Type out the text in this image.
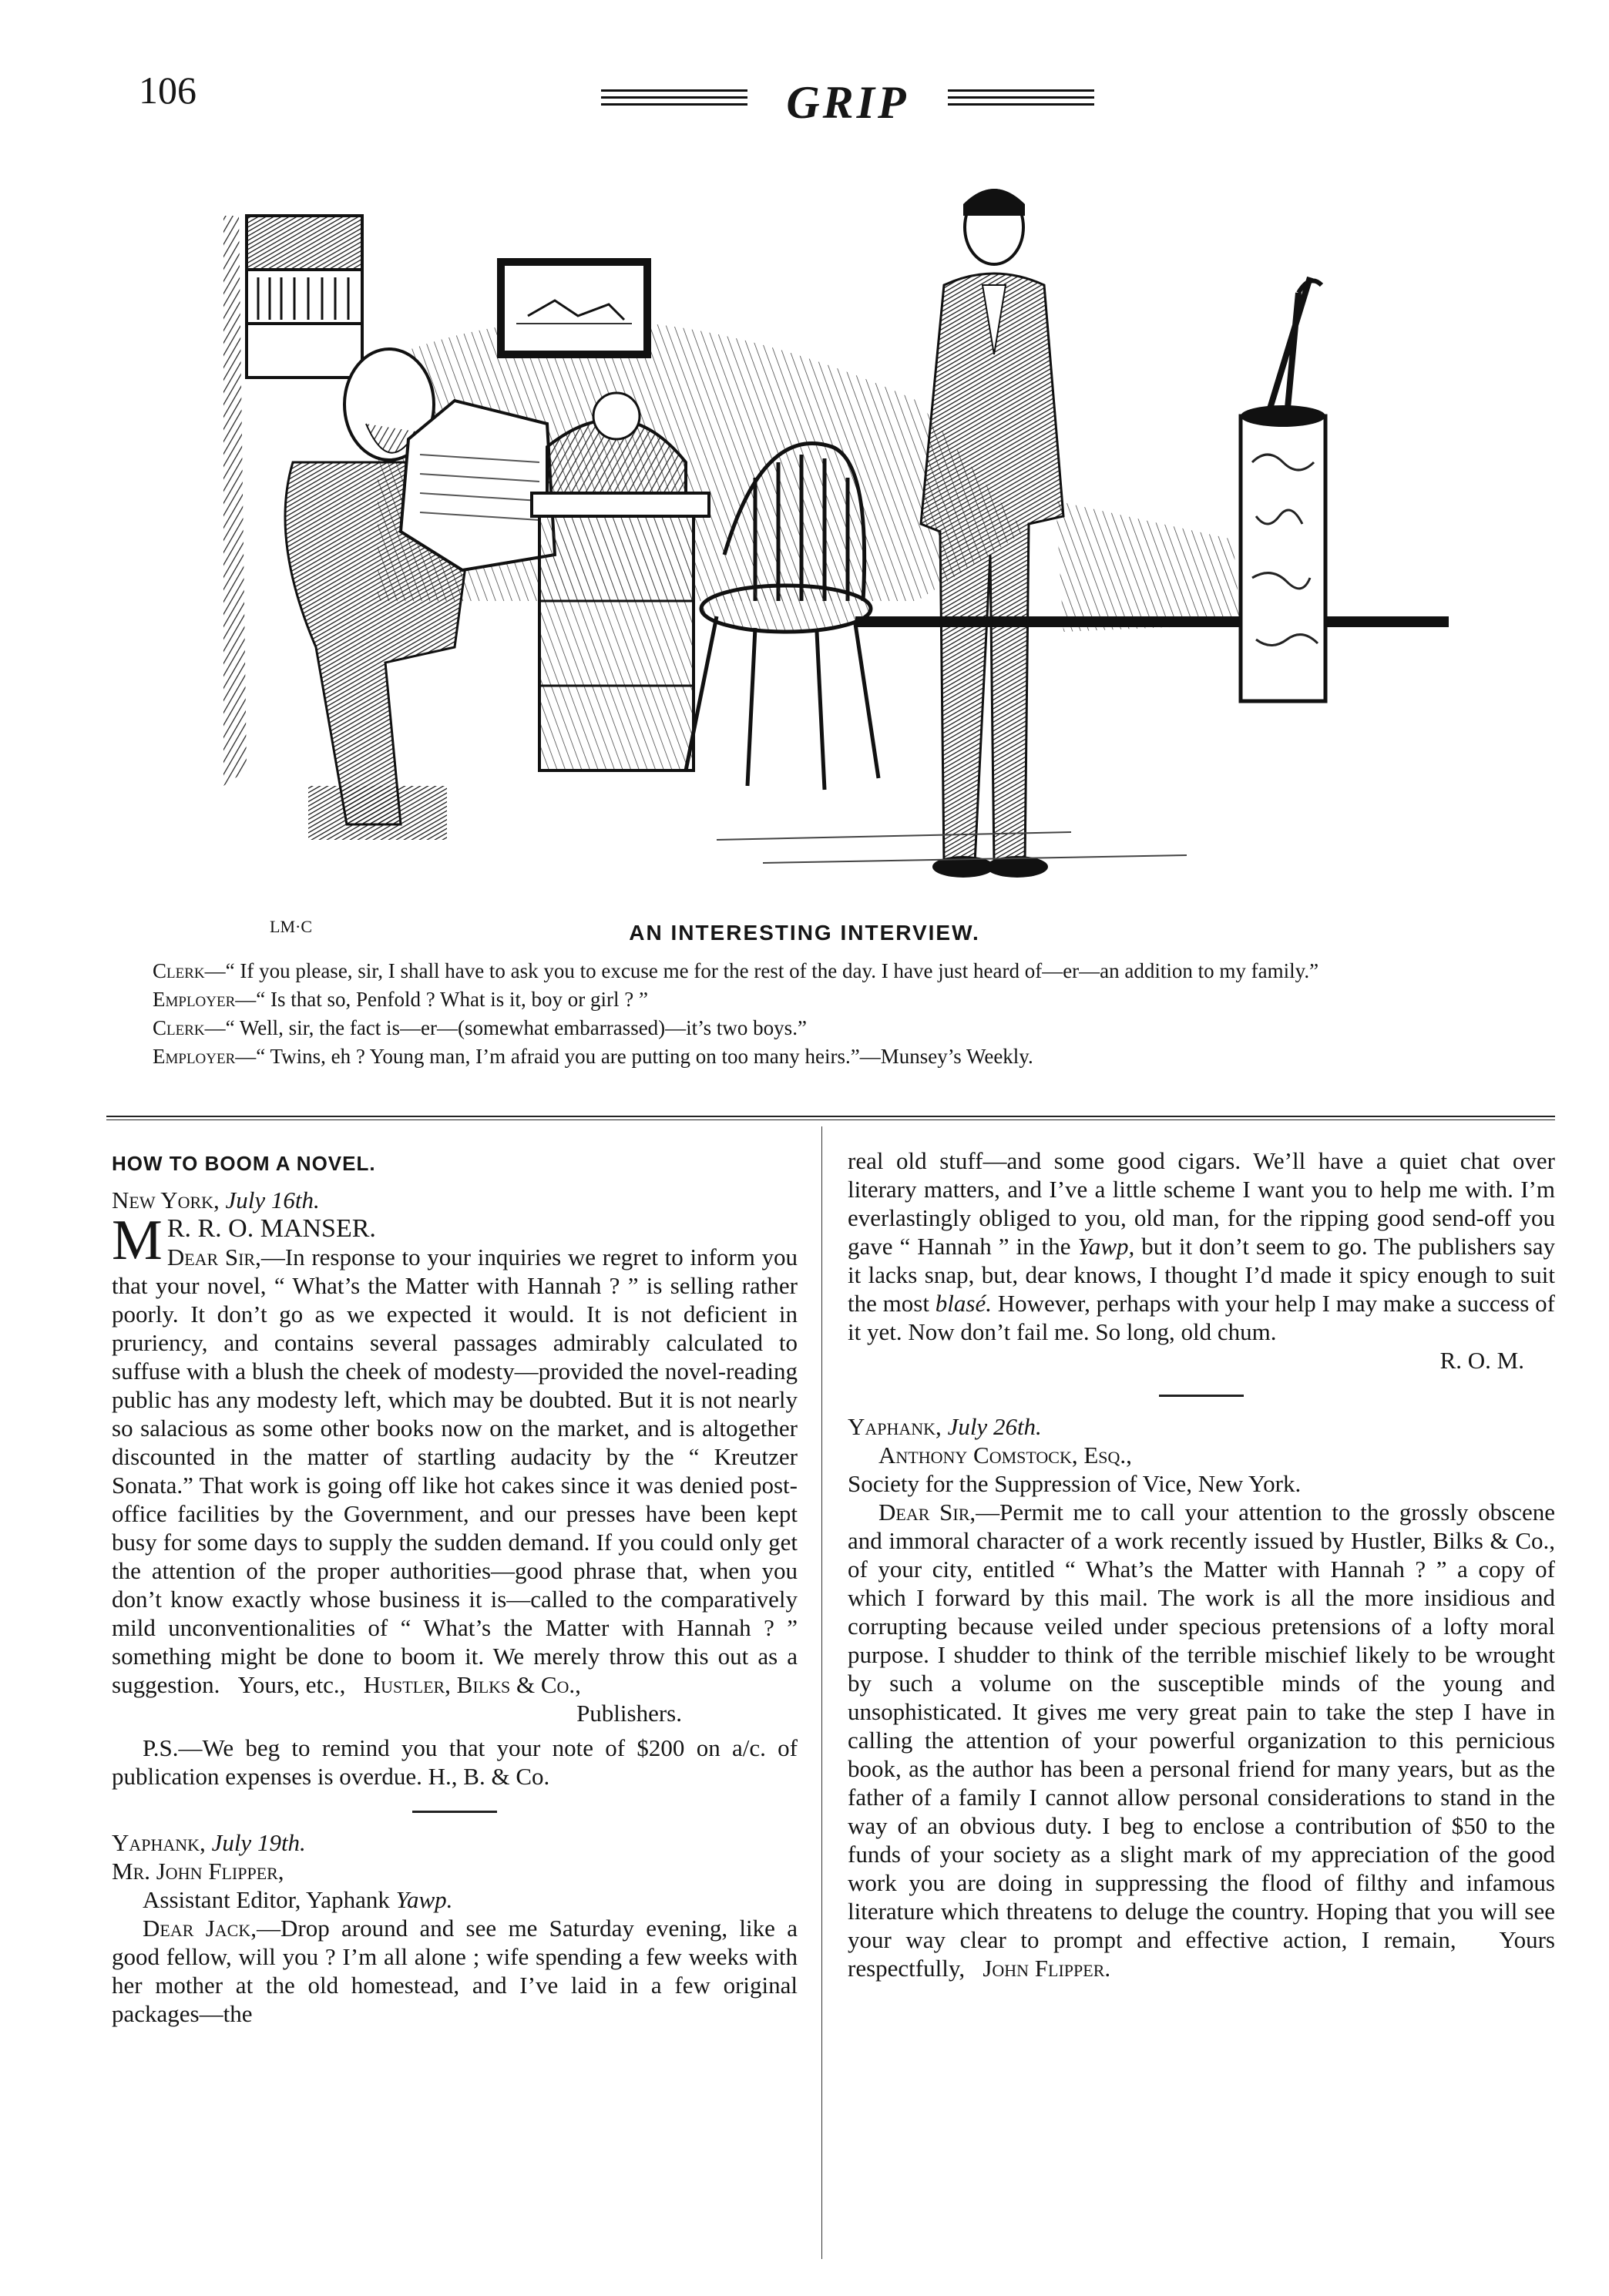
106	GRIP
LM·C	AN INTERESTING INTERVIEW.

Clerk—“ If you please, sir, I shall have to ask you to excuse me for the rest of the day. I have just heard of—er—an addition to my family.”

Employer—“ Is that so, Penfold ? What is it, boy or girl ? ”

Clerk—“ Well, sir, the fact is—er—(somewhat embarrassed)—it’s two boys.”

Employer—“ Twins, eh ? Young man, I’m afraid you are putting on too many heirs.”—Munsey’s Weekly.

HOW TO BOOM A NOVEL.

New York, July 16th.

M R. R. O. MANSER.

Dear Sir,—In response to your inquiries we regret to inform you that your novel, “ What’s the Matter with Hannah ? ” is selling rather poorly. It don’t go as we expected it would. It is not deficient in pruriency, and contains several passages admirably calculated to suffuse with a blush the cheek of modesty—provided the novel-reading public has any modesty left, which may be doubted. But it is not nearly so salacious as some other books now on the market, and is altogether discounted in the matter of startling audacity by the “ Kreutzer Sonata.” That work is going off like hot cakes since it was denied post-office facilities by the Government, and our presses have been kept busy for some days to supply the sudden demand. If you could only get the attention of the proper authorities—good phrase that, when you don’t know exactly whose business it is—called to the comparatively mild unconventionalities of “ What’s the Matter with Hannah ? ” something might be done to boom it. We merely throw this out as a suggestion. Yours, etc., Hustler, Bilks & Co.,

Publishers.

P.S.—We beg to remind you that your note of $200 on a/c. of publication expenses is overdue. H., B. & Co.

Yaphank, July 19th.

Mr. John Flipper,

Assistant Editor, Yaphank Yawp.

Dear Jack,—Drop around and see me Saturday evening, like a good fellow, will you ? I’m all alone ; wife spending a few weeks with her mother at the old homestead, and I’ve laid in a few original packages—the

real old stuff—and some good cigars. We’ll have a quiet chat over literary matters, and I’ve a little scheme I want you to help me with. I’m everlastingly obliged to you, old man, for the ripping good send-off you gave “ Hannah ” in the Yawp, but it don’t seem to go. The publishers say it lacks snap, but, dear knows, I thought I’d made it spicy enough to suit the most blasé. However, perhaps with your help I may make a success of it yet. Now don’t fail me. So long, old chum.

R. O. M.

Yaphank, July 26th.

Anthony Comstock, Esq.,

Society for the Suppression of Vice, New York.

Dear Sir,—Permit me to call your attention to the grossly obscene and immoral character of a work recently issued by Hustler, Bilks & Co., of your city, entitled “ What’s the Matter with Hannah ? ” a copy of which I forward by this mail. The work is all the more insidious and corrupting because veiled under specious pretensions of a lofty moral purpose. I shudder to think of the terrible mischief likely to be wrought by such a volume on the susceptible minds of the young and unsophisticated. It gives me very great pain to take the step I have in calling the attention of your powerful organization to this pernicious book, as the author has been a personal friend for many years, but as the father of a family I cannot allow personal considerations to stand in the way of an obvious duty. I beg to enclose a contribution of $50 to the funds of your society as a slight mark of my appreciation of the good work you are doing in suppressing the flood of filthy and infamous literature which threatens to deluge the country. Hoping that you will see your way clear to prompt and effective action, I remain, Yours respectfully, John Flipper.
